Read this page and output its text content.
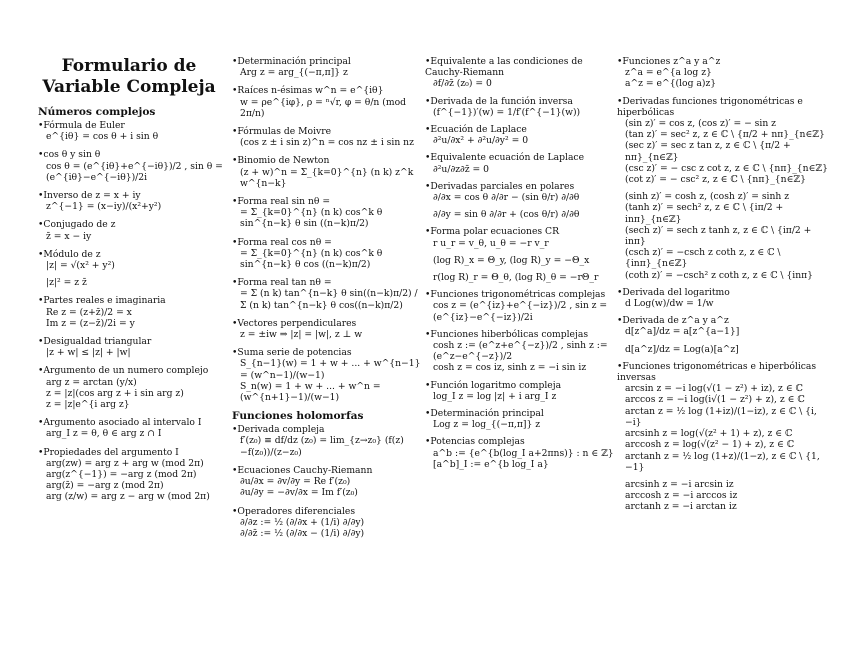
Formulario de Variable Compleja
Números complejos
• Fórmula de Euler
e^{iθ} = cos θ + i sin θ
• cos θ y sin θ
cos θ = (e^{iθ}+e^{−iθ})/2 , sin θ = (e^{iθ}−e^{−iθ})/2i
• Inverso de z = x + iy
z^{−1} = (x−iy)/(x²+y²)
• Conjugado de z
z̄ = x − iy
• Módulo de z
|z| = √(x² + y²)
|z|² = z z̄
• Partes reales e imaginaria
Re z = (z+z̄)/2 = x
Im z = (z−z̄)/2i = y
• Desigualdad triangular
|z + w| ≤ |z| + |w|
• Argumento de un numero complejo
arg z = arctan (y/x)
z = |z|(cos arg z + i sin arg z)
z = |z|e^{i arg z}
• Argumento asociado al intervalo I
arg_I z = θ, θ ∈ arg z ∩ I
• Propiedades del argumento I
arg(zw) = arg z + arg w (mod 2π)
arg(z^{−1}) = −arg z (mod 2π)
arg(z̄) = −arg z (mod 2π)
arg (z/w) = arg z − arg w (mod 2π)
• Determinación principal
Arg z = arg_{(−π,π]} z
• Raíces n-ésimas w^n = e^{iθ}
w = ρe^{iφ}, ρ = ⁿ√r, φ = θ/n (mod 2π/n)
• Fórmulas de Moivre
(cos z ± i sin z)^n = cos nz ± i sin nz
• Binomio de Newton
(z + w)^n = Σ_{k=0}^{n} (n k) z^k w^{n−k}
• Forma real sin nθ =
= Σ_{k=0}^{n} (n k) cos^k θ sin^{n−k} θ sin ((n−k)π/2)
• Forma real cos nθ =
= Σ_{k=0}^{n} (n k) cos^k θ sin^{n−k} θ cos ((n−k)π/2)
• Forma real tan nθ =
= Σ (n k) tan^{n−k} θ sin((n−k)π/2) / Σ (n k) tan^{n−k} θ cos((n−k)π/2)
• Vectores perpendiculares
z = ±iw ⇒ |z| = |w|, z ⊥ w
• Suma serie de potencias
S_{n−1}(w) = 1 + w + ... + w^{n−1} = (w^n−1)/(w−1)
S_n(w) = 1 + w + ... + w^n = (w^{n+1}−1)/(w−1)
Funciones holomorfas
• Derivada compleja
f′(z₀) ≡ df/dz (z₀) = lim_{z→z₀} (f(z)−f(z₀))/(z−z₀)
• Ecuaciones Cauchy-Riemann
∂u/∂x = ∂v/∂y = Re f′(z₀)
∂u/∂y = −∂v/∂x = Im f′(z₀)
• Operadores diferenciales
∂/∂z := ½ (∂/∂x + (1/i) ∂/∂y)
∂/∂z̄ := ½ (∂/∂x − (1/i) ∂/∂y)
• Equivalente a las condiciones de Cauchy-Riemann
∂f/∂z̄ (z₀) = 0
• Derivada de la función inversa
(f^{−1})′(w) = 1/f′(f^{−1}(w))
• Ecuación de Laplace
∂²u/∂x² + ∂²u/∂y² = 0
• Equivalente ecuación de Laplace
∂²u/∂z∂z̄ = 0
• Derivadas parciales en polares
∂/∂x = cos θ ∂/∂r − (sin θ/r) ∂/∂θ
∂/∂y = sin θ ∂/∂r + (cos θ/r) ∂/∂θ
• Forma polar ecuaciones CR
r u_r = v_θ, u_θ = −r v_r
(log R)_x = Θ_y, (log R)_y = −Θ_x
r(log R)_r = Θ_θ, (log R)_θ = −rΘ_r
• Funciones trigonométricas complejas
cos z = (e^{iz}+e^{−iz})/2 , sin z = (e^{iz}−e^{−iz})/2i
• Funciones hiberbólicas complejas
cosh z := (e^z+e^{−z})/2 , sinh z := (e^z−e^{−z})/2
cosh z = cos iz, sinh z = −i sin iz
• Función logaritmo compleja
log_I z = log |z| + i arg_I z
• Determinación principal
Log z = log_{(−π,π]} z
• Potencias complejas
a^b := {e^{b(log_I a+2πns)} : n ∈ ℤ}
[a^b]_I := e^{b log_I a}
• Funciones z^a y a^z
z^a = e^{a log z}
a^z = e^{(log a)z}
• Derivadas funciones trigonométricas e hiperbólicas
(sin z)′ = cos z, (cos z)′ = − sin z
(tan z)′ = sec² z, z ∈ ℂ \ {π/2 + nπ}_{n∈ℤ}
(sec z)′ = sec z tan z, z ∈ ℂ \ {π/2 + nπ}_{n∈ℤ}
(csc z)′ = − csc z cot z, z ∈ ℂ \ {nπ}_{n∈ℤ}
(cot z)′ = − csc² z, z ∈ ℂ \ {nπ}_{n∈ℤ}
(sinh z)′ = cosh z, (cosh z)′ = sinh z
(tanh z)′ = sech² z, z ∈ ℂ \ {iπ/2 + inπ}_{n∈ℤ}
(sech z)′ = sech z tanh z, z ∈ ℂ \ {iπ/2 + inπ}
(csch z)′ = −csch z coth z, z ∈ ℂ \ {inπ}_{n∈ℤ}
(coth z)′ = −csch² z coth z, z ∈ ℂ \ {inπ}
• Derivada del logaritmo
d Log(w)/dw = 1/w
• Derivada de z^a y a^z
d[z^a]/dz = a[z^{a−1}]
d[a^z]/dz = Log(a)[a^z]
• Funciones trigonométricas e hiperbólicas inversas
arcsin z = −i log(√(1 − z²) + iz), z ∈ ℂ
arccos z = −i log(i√(1 − z²) + z), z ∈ ℂ
arctan z = ½ log (1+iz)/(1−iz), z ∈ ℂ \ {i, −i}
arcsinh z = log(√(z² + 1) + z), z ∈ ℂ
arccosh z = log(√(z² − 1) + z), z ∈ ℂ
arctanh z = ½ log (1+z)/(1−z), z ∈ ℂ \ {1, −1}
arcsinh z = −i arcsin iz
arccosh z = −i arccos iz
arctanh z = −i arctan iz
